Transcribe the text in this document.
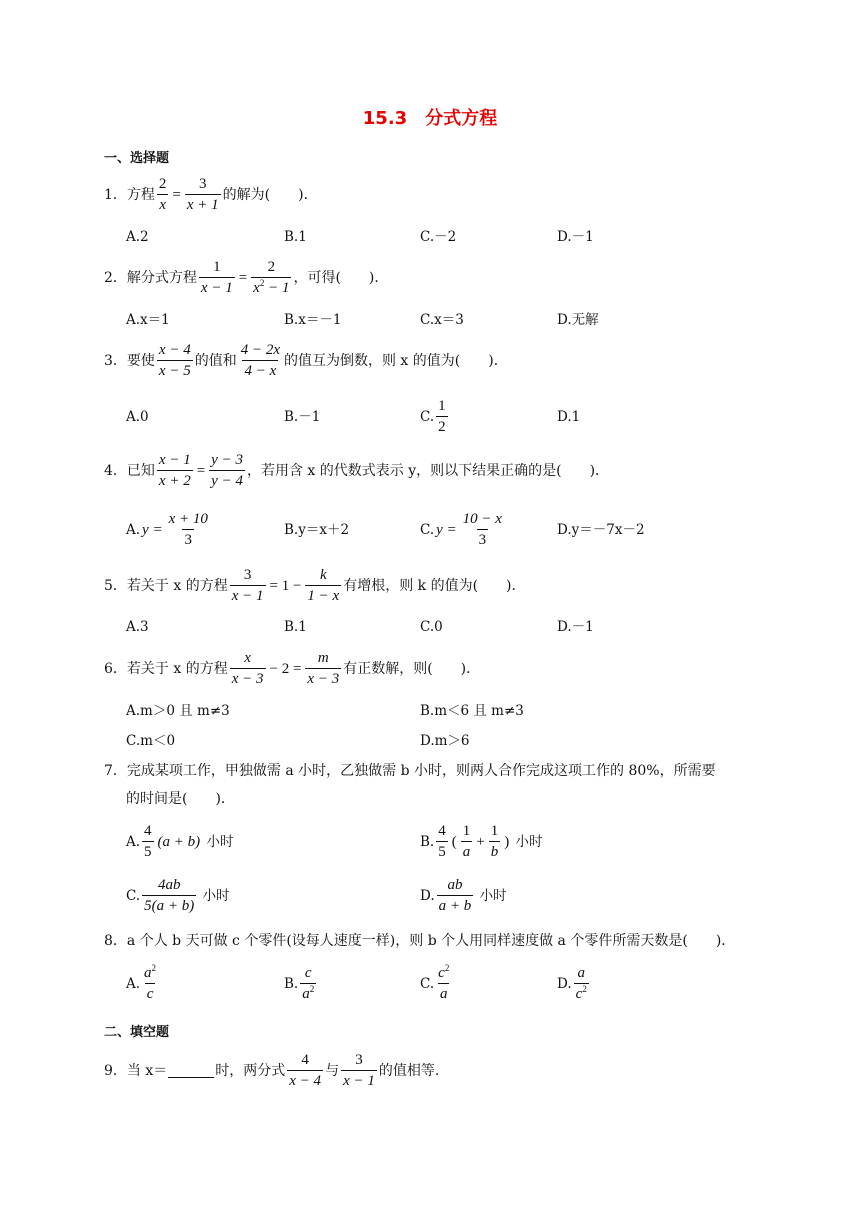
15.3　分式方程
一、选择题
1． 方程 $\frac{2}{x} = \frac{3}{x + 1}$ 的解为(　　)．
A.2	B.1	C.－2	D.－1
2． 解分式方程 $\frac{1}{x - 1} = \frac{2}{x^2 - 1}$ ，可得(　　)．
A.x＝1	B.x＝－1	C.x＝3	D.无解
3． 要使 $\frac{x - 4}{x - 5}$ 的值和 $\frac{4 - 2x}{4 - x}$ 的值互为倒数，则 x 的值为(　　)．
A.0	B.－1	C. $\frac{1}{2}$	D.1
4． 已知 $\frac{x - 1}{x + 2} = \frac{y - 3}{y - 4}$ ，若用含 x 的代数式表示 y，则以下结果正确的是(　　)．
A. $y = \frac{x + 10}{3}$	B.y＝x＋2	C. $y = \frac{10 - x}{3}$	D.y＝－7x－2
5． 若关于 x 的方程 $\frac{3}{x - 1} = 1 - \frac{k}{1 - x}$ 有增根，则 k 的值为(　　)．
A.3	B.1	C.0	D.－1
6． 若关于 x 的方程 $\frac{x}{x - 3} - 2 = \frac{m}{x - 3}$ 有正数解，则(　　)．
A.m＞0 且 m≠3	B.m＜6 且 m≠3
C.m＜0	D.m＞6
7． 完成某项工作，甲独做需 a 小时，乙独做需 b 小时，则两人合作完成这项工作的 80%，所需要
的时间是(　　)．
A. $\frac{4}{5} (a + b)$
小时	B. $\frac{4}{5}$ ( $\frac{1}{a} + \frac{1}{b}$ )
小时
C. $\frac{4ab}{5(a + b)}$
小时	D. $\frac{ab}{a + b}$
小时
8． a 个人 b 天可做 c 个零件(设每人速度一样)，则 b 个人用同样速度做 a 个零件所需天数是(　　)．
A. $\frac{a^2}{c}$	B. $\frac{c}{a^2}$	C. $\frac{c^2}{a}$	D. $\frac{a}{c^2}$
二、填空题
9． 当 x＝	时，两分式 $\frac{4}{x - 4}$ 与 $\frac{3}{x - 1}$ 的值相等.
